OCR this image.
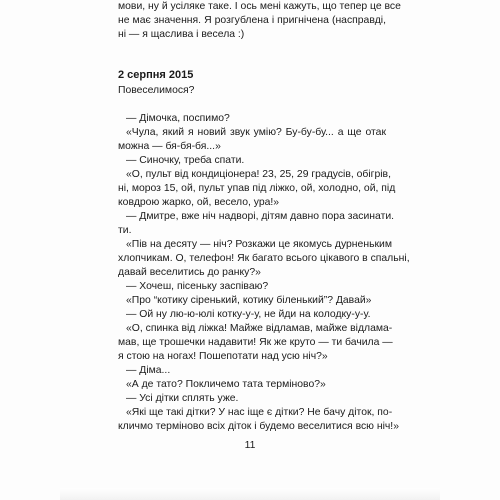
мови, ну й усіляке таке. І ось мені кажуть, що тепер це все
не має значення. Я розгублена і пригнічена (насправді,
ні — я щаслива і весела :)
2 серпня 2015
Повеселимося?
— Дімочка, поспимо?
«Чула, який я новий звук умію? Бу-бу-бу... а ще отак
можна — бя-бя-бя...»
— Синочку, треба спати.
«О, пульт від кондиціонера! 23, 25, 29 градусів, обігрів,
ні, мороз 15, ой, пульт упав під ліжко, ой, холодно, ой, під
ковдрою жарко, ой, весело, ура!»
— Дмитре, вже ніч надворі, дітям давно пора засинати.
ти.
«Пів на десяту — ніч? Розкажи це якомусь дурненьким
хлопчикам. О, телефон! Як багато всього цікавого в спальні,
давай веселитись до ранку?»
— Хочеш, пісеньку заспіваю?
«Про “котику сіренький, котику біленький”? Давай»
— Ой ну лю-ю-юлі котку-у-у, не йди на колодку-у-у.
«О, спинка від ліжка! Майже відламав, майже відлама-
мав, ще трошечки надавити! Як же круто — ти бачила —
я стою на ногах! Пошепотати над усю ніч?»
— Діма...
«А де тато? Покличемо тата терміново?»
— Усі дітки сплять уже.
«Які ще такі дітки? У нас іще є дітки? Не бачу діток, по-
кличмо терміново всіх діток і будемо веселитися всю ніч!»
11
